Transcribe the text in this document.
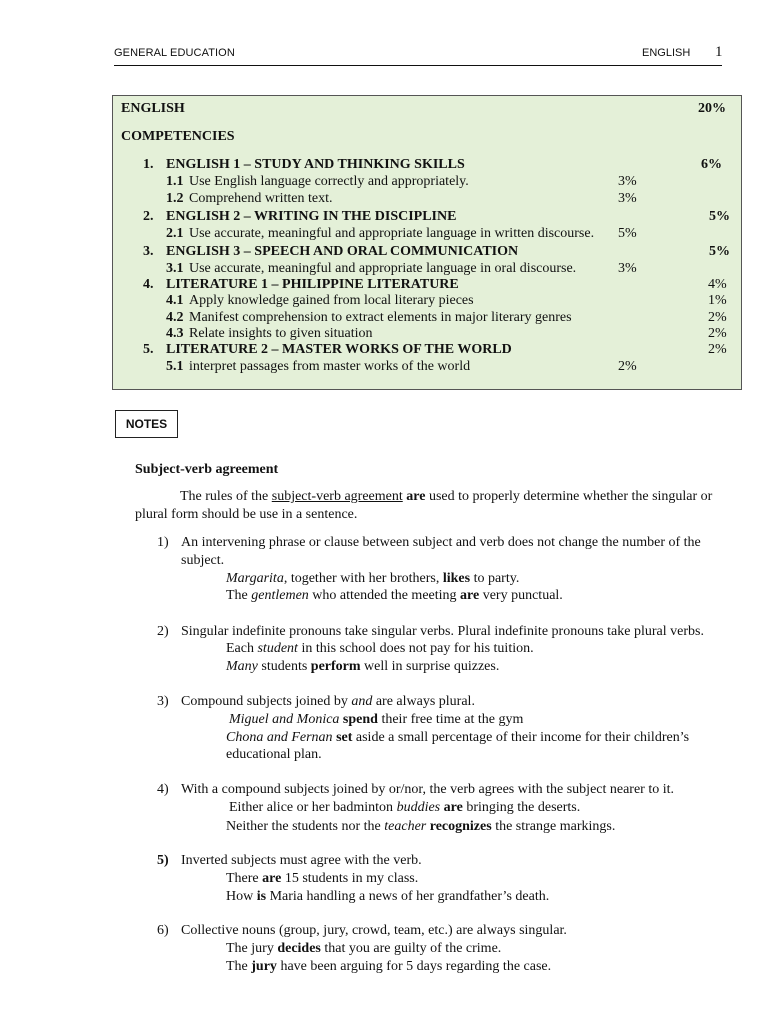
GENERAL EDUCATION	ENGLISH 1
ENGLISH	20%
COMPETENCIES
1. ENGLISH 1 – STUDY AND THINKING SKILLS	6%
1.1 Use English language correctly and appropriately.	3%
1.2 Comprehend written text.	3%
2. ENGLISH 2 – WRITING IN THE DISCIPLINE	5%
2.1 Use accurate, meaningful and appropriate language in written discourse. 5%
3. ENGLISH 3 – SPEECH AND ORAL COMMUNICATION	5%
3.1 Use accurate, meaningful and appropriate language in oral discourse.	3%
4. LITERATURE 1 – PHILIPPINE LITERATURE	4%
4.1 Apply knowledge gained from local literary pieces	1%
4.2 Manifest comprehension to extract elements in major literary genres	2%
4.3 Relate insights to given situation	2%
5. LITERATURE 2 – MASTER WORKS OF THE WORLD	2%
5.1 interpret passages from master works of the world	2%
NOTES
Subject-verb agreement
The rules of the subject-verb agreement are used to properly determine whether the singular or
plural form should be use in a sentence.
1) An intervening phrase or clause between subject and verb does not change the number of the
subject.
Margarita, together with her brothers, likes to party.
The gentlemen who attended the meeting are very punctual.
2) Singular indefinite pronouns take singular verbs. Plural indefinite pronouns take plural verbs.
Each student in this school does not pay for his tuition.
Many students perform well in surprise quizzes.
3) Compound subjects joined by and are always plural.
Miguel and Monica spend their free time at the gym
Chona and Fernan set aside a small percentage of their income for their children’s
educational plan.
4) With a compound subjects joined by or/nor, the verb agrees with the subject nearer to it.
Either alice or her badminton buddies are bringing the deserts.
Neither the students nor the teacher recognizes the strange markings.
5) Inverted subjects must agree with the verb.
There are 15 students in my class.
How is Maria handling a news of her grandfather’s death.
6) Collective nouns (group, jury, crowd, team, etc.) are always singular.
The jury decides that you are guilty of the crime.
The jury have been arguing for 5 days regarding the case.
